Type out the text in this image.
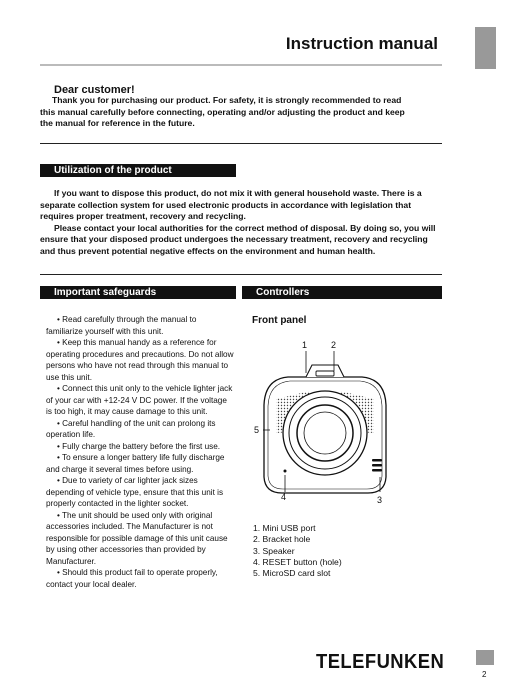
Instruction manual
Dear customer!
Thank you for purchasing our product. For safety, it is strongly recommended to read
this manual carefully before connecting, operating and/or adjusting the product and keep
the manual for reference in the future.
Utilization of the product

If you want to dispose this product, do not mix it with general household waste. There is a separate collection system for used electronic products in accordance with legislation that requires proper treatment, recovery and recycling.

Please contact your local authorities for the correct method of disposal. By doing so, you will ensure that your disposed product undergoes the necessary treatment, recovery and recycling and thus prevent potential negative effects on the environment and human health.

Important safeguards	Controllers

• Read carefully through the manual to familiarize yourself with this unit.

• Keep this manual handy as a reference for operating procedures and precautions. Do not allow persons who have not read through this manual to use this unit.

• Connect this unit only to the vehicle lighter jack of your car with +12-24 V DC power. If the voltage is too high, it may cause damage to this unit.

• Careful handling of the unit can prolong its operation life.

• Fully charge the battery before the first use.

• To ensure a longer battery life fully discharge and charge it several times before using.

• Due to variety of car lighter jack sizes depending of vehicle type, ensure that this unit is properly contacted in the lighter socket.

• The unit should be used only with original accessories included. The Manufacturer is not responsible for possible damage of this unit cause by using other accessories than provided by Manufacturer.

• Should this product fail to operate properly, contact your local dealer.

Front panel
1	2
3
4
5
1. Mini USB port
2. Bracket hole
3. Speaker
4. RESET button (hole)
5. MicroSD card slot
TELEFUNKEN
2
